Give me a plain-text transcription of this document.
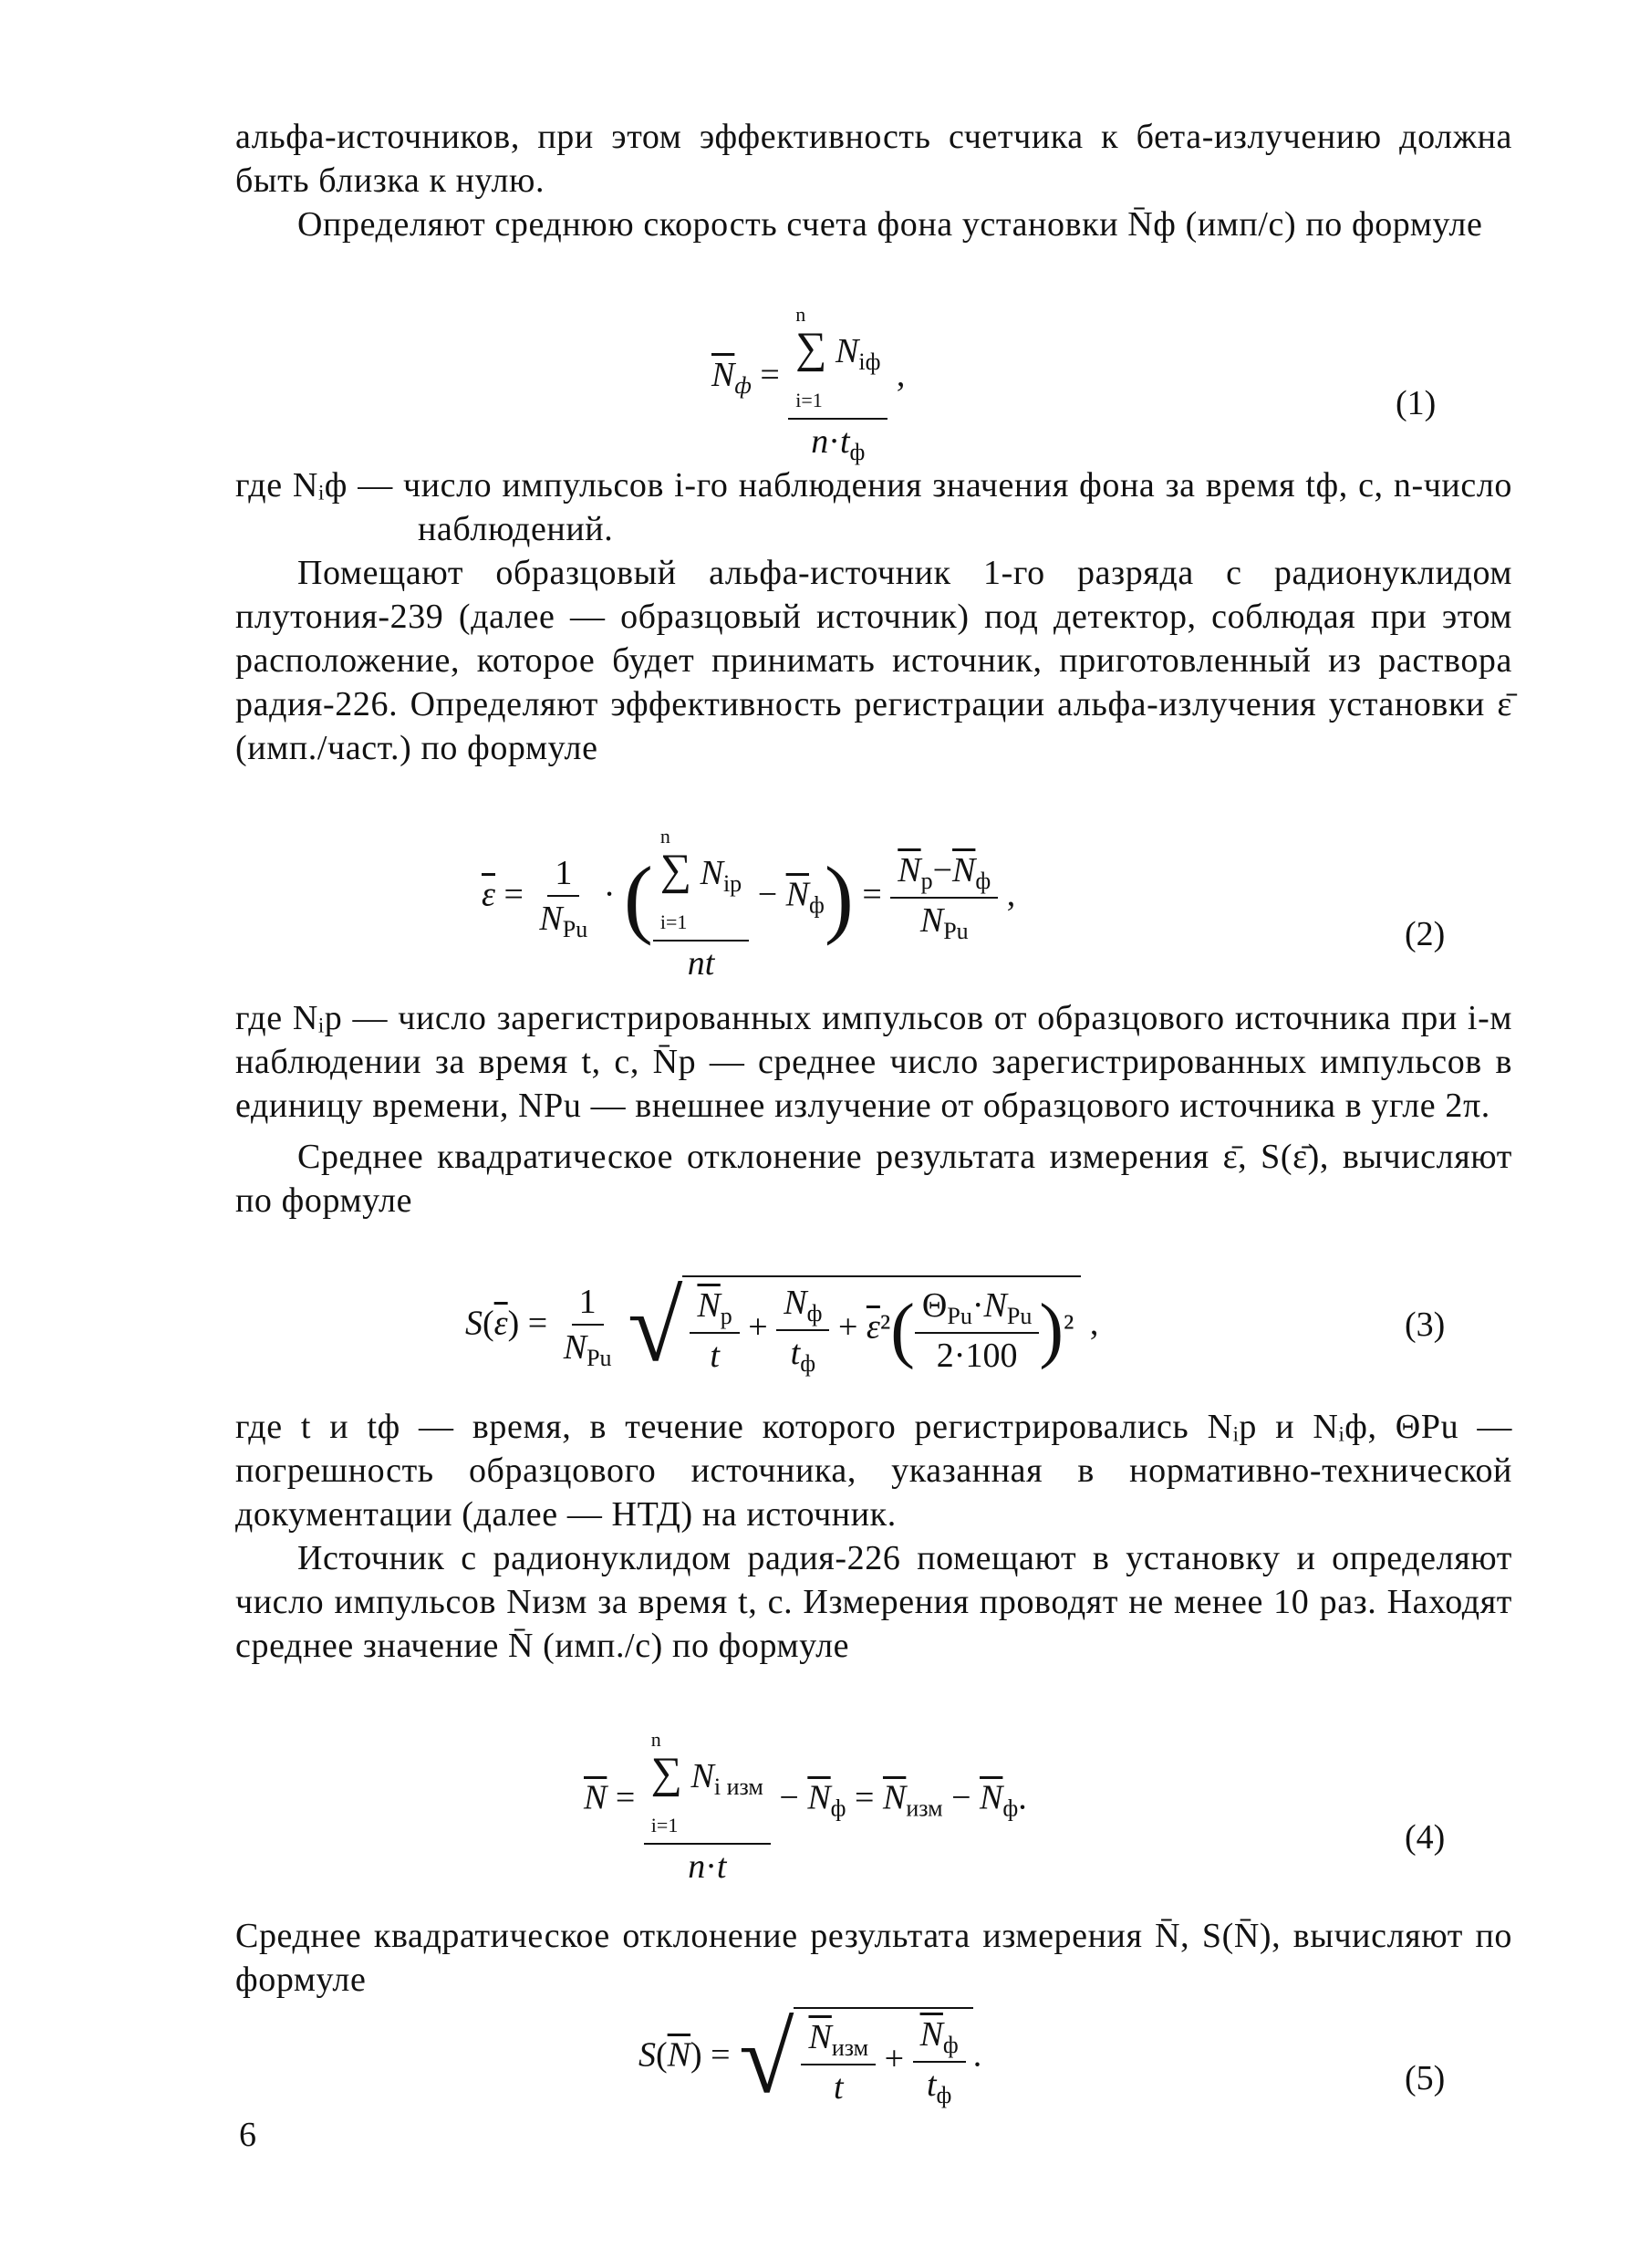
альфа-источников, при этом эффективность счетчика к бета-излучению должна быть близка к нулю.

Определяют среднюю скорость счета фона установки N̄ф (имп/с) по формуле

$\overline{N}_ф$ =
n
∑ $N_{iф}$
i=1
$n\cdot t_ф$
,
(1)

где Nᵢф — число импульсов i-го наблюдения значения фона за время tф, с, n-число наблюдений.

Помещают образцовый альфа-источник 1-го разряда с радионуклидом плутония-239 (далее — образцовый источник) под детектор, соблюдая при этом расположение, которое будет принимать источник, приготовленный из раствора радия-226. Определяют эффективность регистрации альфа-излучения установки ε̄ (имп./част.) по формуле

$\overline{\varepsilon} = \frac{1}{N_{Pu}}$ · (
n
∑ $N_{iр}$
i=1
nt
− $\overline{N}_ф) = \frac{\overline{N}_р-\overline{N}_ф}{N_{Pu}}$ ,
(2)

где Nᵢр — число зарегистрированных импульсов от образцового источника при i-м наблюдении за время t, с, N̄р — среднее число зарегистрированных импульсов в единицу времени, NPu — внешнее излучение от образцового источника в угле 2π.

Среднее квадратическое отклонение результата измерения ε̄, S(ε̄), вычисляют по формуле

$S(\overline{\varepsilon}) = \frac{1}{N_{Pu}}$ √ $\frac{N_р}{t} + \frac{N_ф}{t_ф} + \overline{\varepsilon}^2( \frac{\Theta_{Pu}\cdot N_{Pu}}{2\cdot 100} )^2$ ,	(3)

где t и tф — время, в течение которого регистрировались Nᵢр и Nᵢф, ΘPu — погрешность образцового источника, указанная в нормативно-технической документации (далее — НТД) на источник.

Источник с радионуклидом радия-226 помещают в установку и определяют число импульсов Nизм за время t, с. Измерения проводят не менее 10 раз. Находят среднее значение N̄ (имп./с) по формуле

$\overline{N}$ =
n
∑ $N_{i изм}$
i=1
n·t
− $\overline{N}_ф = \overline{N}_{изм} - \overline{N}_ф$.
(4)

Среднее квадратическое отклонение результата измерения N̄, S(N̄), вычисляют по формуле

$S(\overline{N})$ = √ $\frac{N_{изм}}{t} + \frac{\overline{N}_ф}{t_ф}$ .
(5)
6
